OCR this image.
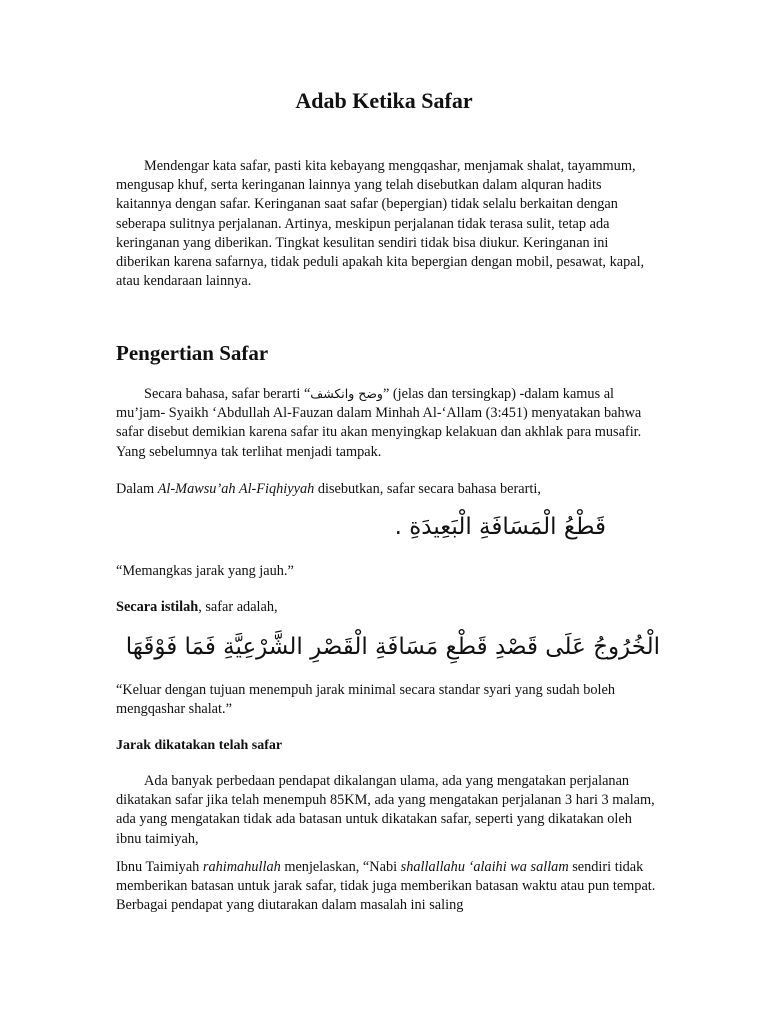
Adab Ketika Safar

Mendengar kata safar, pasti kita kebayang mengqashar, menjamak shalat, tayammum, mengusap khuf, serta keringanan lainnya yang telah disebutkan dalam alquran hadits kaitannya dengan safar. Keringanan saat safar (bepergian) tidak selalu berkaitan dengan seberapa sulitnya perjalanan. Artinya, meskipun perjalanan tidak terasa sulit, tetap ada keringanan yang diberikan. Tingkat kesulitan sendiri tidak bisa diukur. Keringanan ini diberikan karena safarnya, tidak peduli apakah kita bepergian dengan mobil, pesawat, kapal, atau kendaraan lainnya.

Pengertian Safar

Secara bahasa, safar berarti “وضح وانكشف” (jelas dan tersingkap) -dalam kamus al mu’jam- Syaikh ‘Abdullah Al-Fauzan dalam Minhah Al-‘Allam (3:451) menyatakan bahwa safar disebut demikian karena safar itu akan menyingkap kelakuan dan akhlak para musafir. Yang sebelumnya tak terlihat menjadi tampak.

Dalam Al-Mawsu’ah Al-Fiqhiyyah disebutkan, safar secara bahasa berarti,

قَطْعُ الْمَسَافَةِ الْبَعِيدَةِ .

“Memangkas jarak yang jauh.”

Secara istilah, safar adalah,

الْخُرُوجُ عَلَى قَصْدِ قَطْعِ مَسَافَةِ الْقَصْرِ الشَّرْعِيَّةِ فَمَا فَوْقَهَا

“Keluar dengan tujuan menempuh jarak minimal secara standar syari yang sudah boleh mengqashar shalat.”

Jarak dikatakan telah safar

Ada banyak perbedaan pendapat dikalangan ulama, ada yang mengatakan perjalanan dikatakan safar jika telah menempuh 85KM, ada yang mengatakan perjalanan 3 hari 3 malam, ada yang mengatakan tidak ada batasan untuk dikatakan safar, seperti yang dikatakan oleh ibnu taimiyah,

Ibnu Taimiyah rahimahullah menjelaskan, “Nabi shallallahu ‘alaihi wa sallam sendiri tidak memberikan batasan untuk jarak safar, tidak juga memberikan batasan waktu atau pun tempat. Berbagai pendapat yang diutarakan dalam masalah ini saling
